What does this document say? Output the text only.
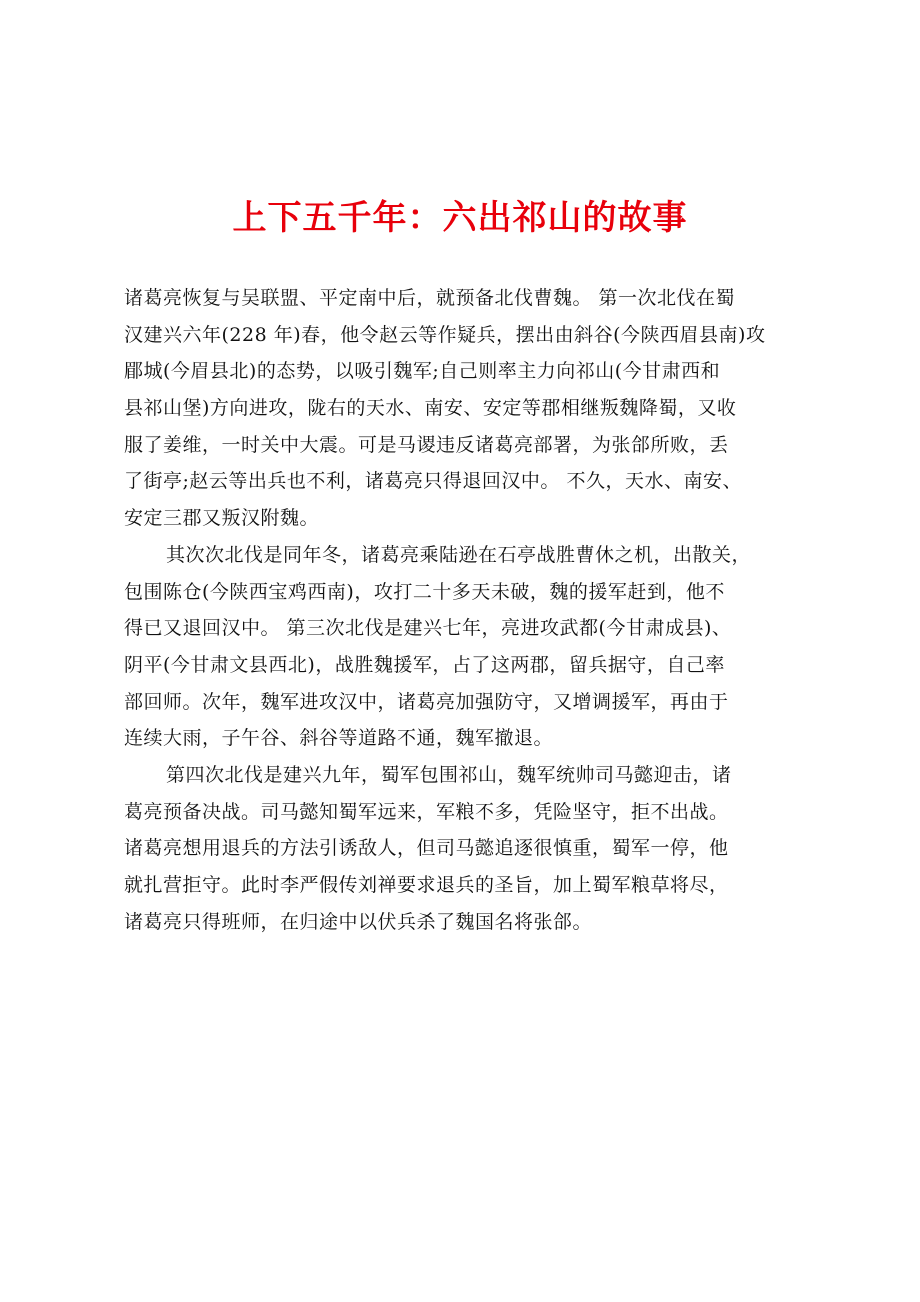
上下五千年：六出祁山的故事
诸葛亮恢复与吴联盟、平定南中后，就预备北伐曹魏。 第一次北伐在蜀
汉建兴六年(228 年)春，他令赵云等作疑兵，摆出由斜谷(今陕西眉县南)攻
郿城(今眉县北)的态势，以吸引魏军;自己则率主力向祁山(今甘肃西和
县祁山堡)方向进攻，陇右的天水、南安、安定等郡相继叛魏降蜀，又收
服了姜维，一时关中大震。可是马谡违反诸葛亮部署，为张郃所败，丢
了街亭;赵云等出兵也不利，诸葛亮只得退回汉中。 不久，天水、南安、
安定三郡又叛汉附魏。
其次次北伐是同年冬，诸葛亮乘陆逊在石亭战胜曹休之机，出散关，
包围陈仓(今陕西宝鸡西南)，攻打二十多天未破，魏的援军赶到，他不
得已又退回汉中。 第三次北伐是建兴七年，亮进攻武都(今甘肃成县)、
阴平(今甘肃文县西北)，战胜魏援军，占了这两郡，留兵据守，自己率
部回师。次年，魏军进攻汉中，诸葛亮加强防守，又增调援军，再由于
连续大雨，子午谷、斜谷等道路不通，魏军撤退。
第四次北伐是建兴九年，蜀军包围祁山，魏军统帅司马懿迎击，诸
葛亮预备决战。司马懿知蜀军远来，军粮不多，凭险坚守，拒不出战。
诸葛亮想用退兵的方法引诱敌人，但司马懿追逐很慎重，蜀军一停，他
就扎营拒守。此时李严假传刘禅要求退兵的圣旨，加上蜀军粮草将尽，
诸葛亮只得班师，在归途中以伏兵杀了魏国名将张郃。
